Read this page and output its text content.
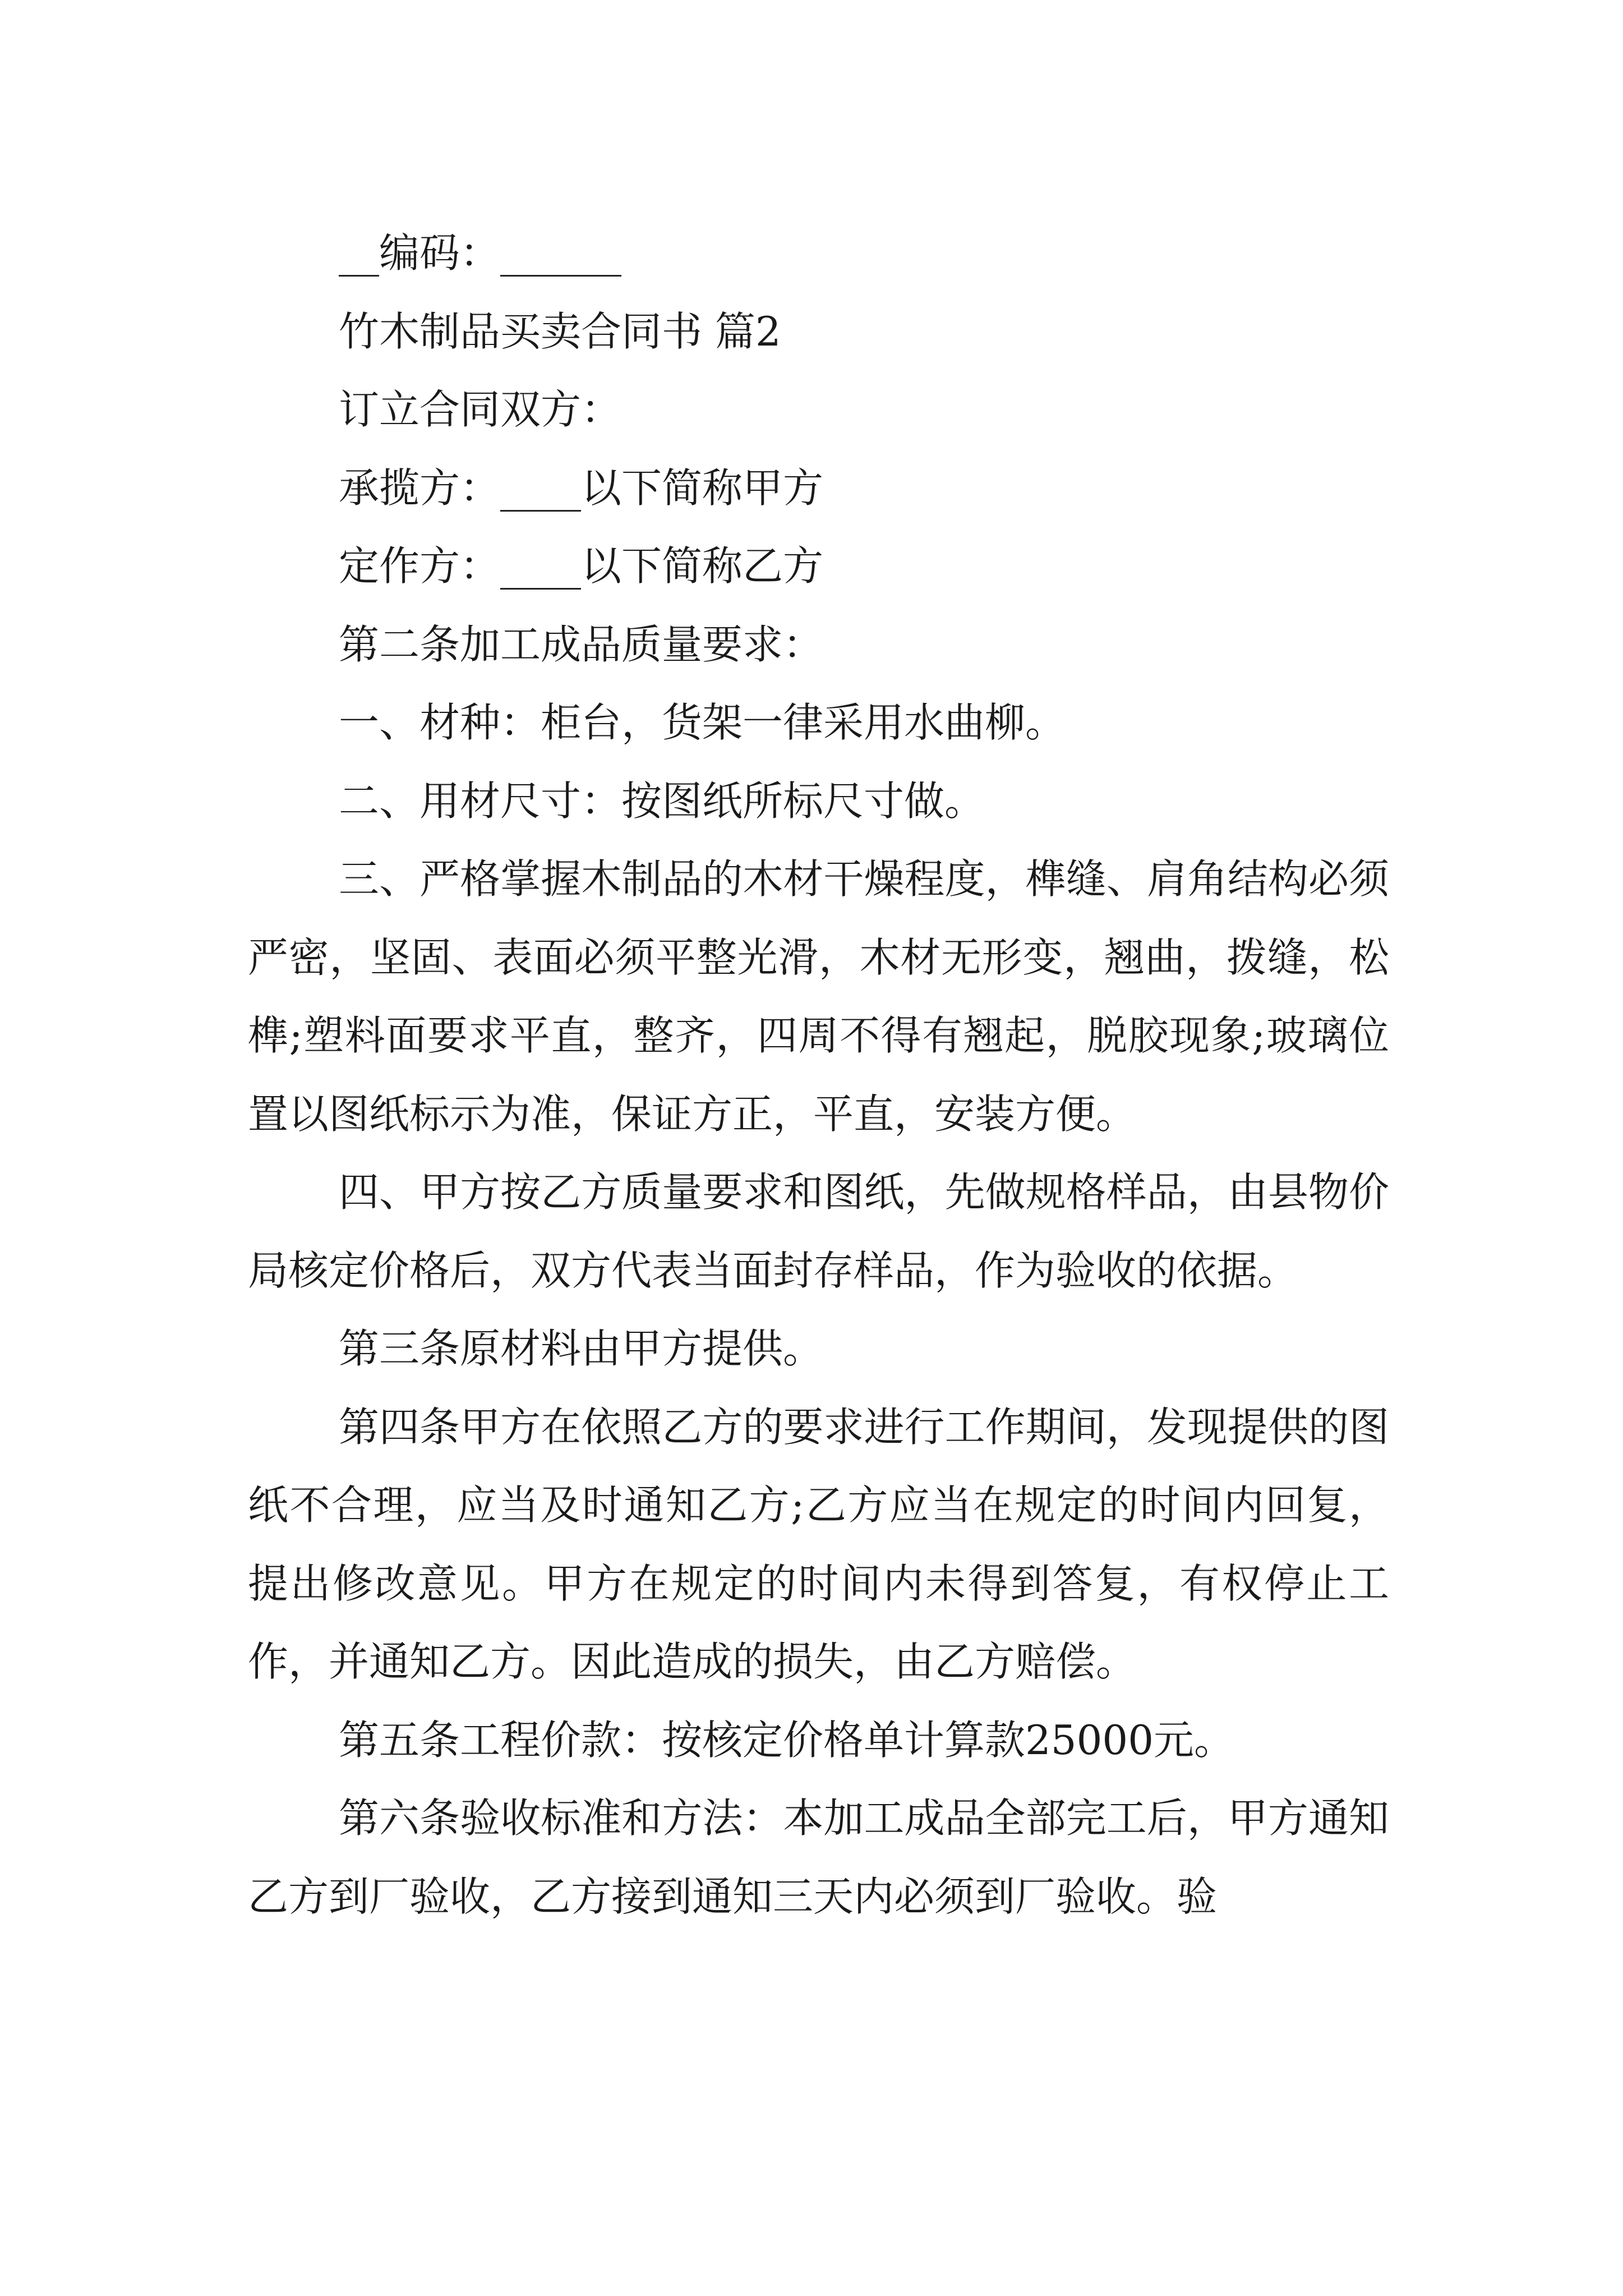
__编码：______
竹木制品买卖合同书 篇2
订立合同双方：
承揽方：____以下简称甲方
定作方：____以下简称乙方
第二条加工成品质量要求：
一、材种：柜台，货架一律采用水曲柳。
二、用材尺寸：按图纸所标尺寸做。

三、严格掌握木制品的木材干燥程度，榫缝、肩角结构必须严密，坚固、表面必须平整光滑，木材无形变，翘曲，拨缝，松榫;塑料面要求平直，整齐，四周不得有翘起，脱胶现象;玻璃位置以图纸标示为准，保证方正，平直，安装方便。

四、甲方按乙方质量要求和图纸，先做规格样品，由县物价局核定价格后，双方代表当面封存样品，作为验收的依据。

第三条原材料由甲方提供。

第四条甲方在依照乙方的要求进行工作期间，发现提供的图纸不合理，应当及时通知乙方;乙方应当在规定的时间内回复，提出修改意见。甲方在规定的时间内未得到答复，有权停止工作，并通知乙方。因此造成的损失，由乙方赔偿。

第五条工程价款：按核定价格单计算款25000元。

第六条验收标准和方法：本加工成品全部完工后，甲方通知乙方到厂验收，乙方接到通知三天内必须到厂验收。验
